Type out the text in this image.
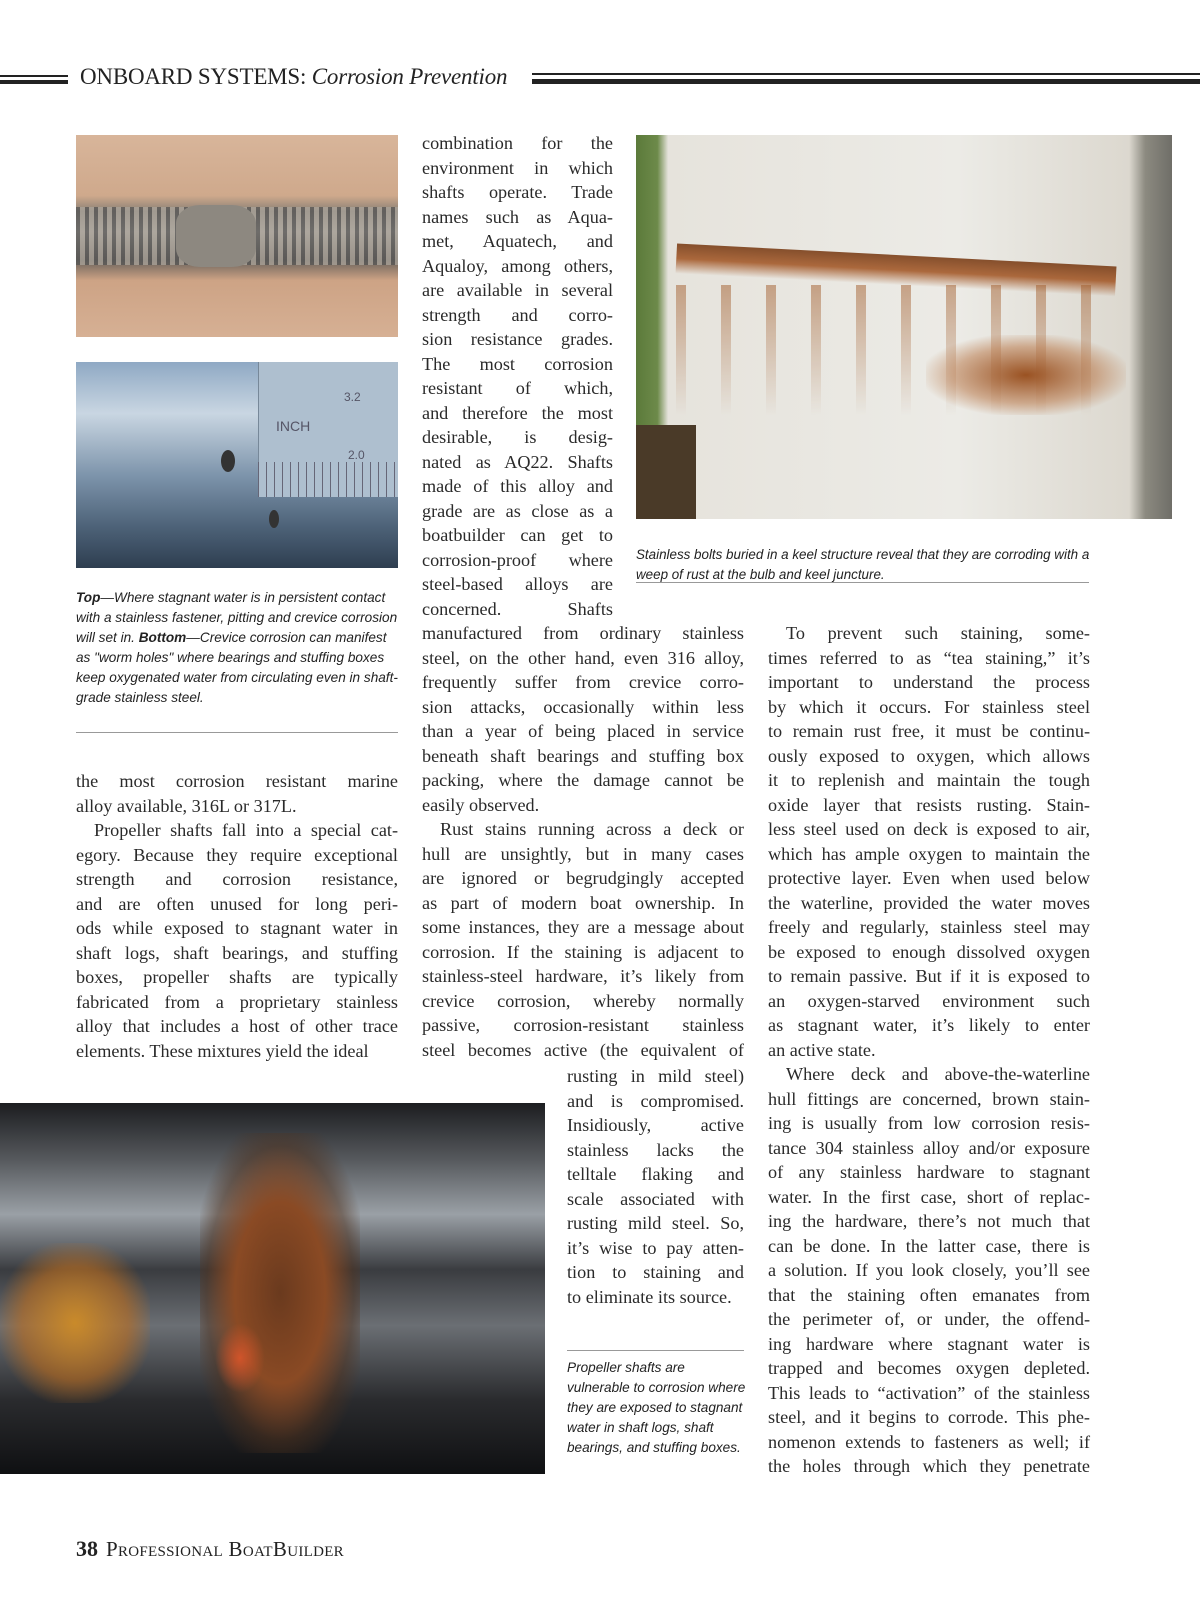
ONBOARD SYSTEMS: Corrosion Prevention
INCH
3.2
2.0
Top—Where stagnant water is in persistent contact with a stainless fastener, pitting and crevice corrosion will set in. Bottom—Crevice corrosion can manifest as "worm holes" where bearings and stuffing boxes keep oxygenated water from circulating even in shaft-grade stainless steel.
Stainless bolts buried in a keel structure reveal that they are corroding with a weep of rust at the bulb and keel juncture.
Propeller shafts are vulnerable to corrosion where they are exposed to stagnant water in shaft logs, shaft bearings, and stuffing boxes.
the most corrosion resistant marine
alloy available, 316L or 317L.
Propeller shafts fall into a special cat-
egory. Because they require exceptional
strength and corrosion resistance,
and are often unused for long peri-
ods while exposed to stagnant water in
shaft logs, shaft bearings, and stuffing
boxes, propeller shafts are typically
fabricated from a proprietary stainless
alloy that includes a host of other trace
elements. These mixtures yield the ideal
combination for the
environment in which
shafts operate. Trade
names such as Aqua-
met, Aquatech, and
Aqualoy, among others,
are available in several
strength and corro-
sion resistance grades.
The most corrosion
resistant of which,
and therefore the most
desirable, is desig-
nated as AQ22. Shafts
made of this alloy and
grade are as close as a
boatbuilder can get to
corrosion-proof where
steel-based alloys are
concerned. Shafts
manufactured from ordinary stainless
steel, on the other hand, even 316 alloy,
frequently suffer from crevice corro-
sion attacks, occasionally within less
than a year of being placed in service
beneath shaft bearings and stuffing box
packing, where the damage cannot be
easily observed.
Rust stains running across a deck or
hull are unsightly, but in many cases
are ignored or begrudgingly accepted
as part of modern boat ownership. In
some instances, they are a message about
corrosion. If the staining is adjacent to
stainless-steel hardware, it’s likely from
crevice corrosion, whereby normally
passive, corrosion-resistant stainless
steel becomes active (the equivalent of
rusting in mild steel)
and is compromised.
Insidiously, active
stainless lacks the
telltale flaking and
scale associated with
rusting mild steel. So,
it’s wise to pay atten-
tion to staining and
to eliminate its source.
To prevent such staining, some-
times referred to as “tea staining,” it’s
important to understand the process
by which it occurs. For stainless steel
to remain rust free, it must be continu-
ously exposed to oxygen, which allows
it to replenish and maintain the tough
oxide layer that resists rusting. Stain-
less steel used on deck is exposed to air,
which has ample oxygen to maintain the
protective layer. Even when used below
the waterline, provided the water moves
freely and regularly, stainless steel may
be exposed to enough dissolved oxygen
to remain passive. But if it is exposed to
an oxygen-starved environment such
as stagnant water, it’s likely to enter
an active state.
Where deck and above-the-waterline
hull fittings are concerned, brown stain-
ing is usually from low corrosion resis-
tance 304 stainless alloy and/or exposure
of any stainless hardware to stagnant
water. In the first case, short of replac-
ing the hardware, there’s not much that
can be done. In the latter case, there is
a solution. If you look closely, you’ll see
that the staining often emanates from
the perimeter of, or under, the offend-
ing hardware where stagnant water is
trapped and becomes oxygen depleted.
This leads to “activation” of the stainless
steel, and it begins to corrode. This phe-
nomenon extends to fasteners as well; if
the holes through which they penetrate
38 Professional BoatBuilder
